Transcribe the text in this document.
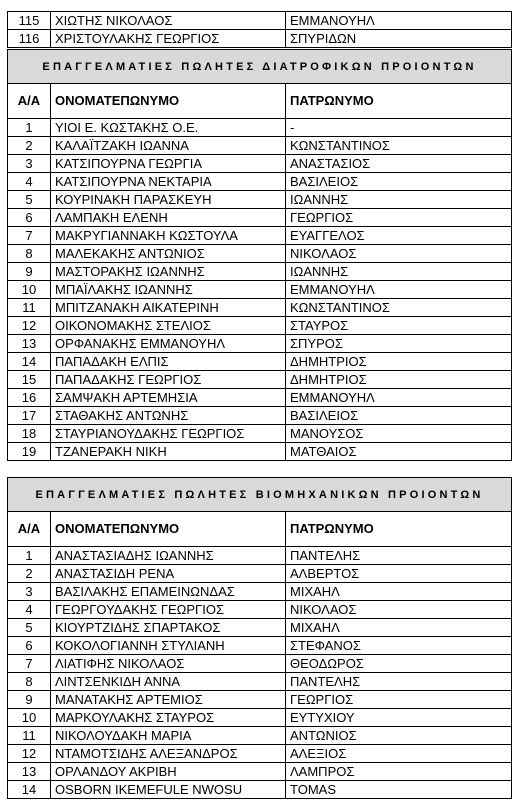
115	ΧΙΩΤΗΣ ΝΙΚΟΛΑΟΣ	ΕΜΜΑΝΟΥΗΛ
116	ΧΡΙΣΤΟΥΛΑΚΗΣ ΓΕΩΡΓΙΟΣ	ΣΠΥΡΙΔΩΝ
ΕΠΑΓΓΕΛΜΑΤΙΕΣ ΠΩΛΗΤΕΣ ΔΙΑΤΡΟΦΙΚΩΝ ΠΡΟΙΟΝΤΩΝ		
Α/Α	ΟΝΟΜΑΤΕΠΩΝΥΜΟ	ΠΑΤΡΩΝΥΜΟ
1	ΥΙΟΙ Ε. ΚΩΣΤΑΚΗΣ Ο.Ε.	-
2	ΚΑΛΑΪΤΖΑΚΗ ΙΩΑΝΝΑ	ΚΩΝΣΤΑΝΤΙΝΟΣ
3	ΚΑΤΣΙΠΟΥΡΝΑ ΓΕΩΡΓΙΑ	ΑΝΑΣΤΑΣΙΟΣ
4	ΚΑΤΣΙΠΟΥΡΝΑ ΝΕΚΤΑΡΙΑ	ΒΑΣΙΛΕΙΟΣ
5	ΚΟΥΡΙΝΑΚΗ ΠΑΡΑΣΚΕΥΗ	ΙΩΑΝΝΗΣ
6	ΛΑΜΠΑΚΗ ΕΛΕΝΗ	ΓΕΩΡΓΙΟΣ
7	ΜΑΚΡΥΓΙΑΝΝΑΚΗ ΚΩΣΤΟΥΛΑ	ΕΥΑΓΓΕΛΟΣ
8	ΜΑΛΕΚΑΚΗΣ ΑΝΤΩΝΙΟΣ	ΝΙΚΟΛΑΟΣ
9	ΜΑΣΤΟΡΑΚΗΣ ΙΩΑΝΝΗΣ	ΙΩΑΝΝΗΣ
10	ΜΠΑΪΛΑΚΗΣ ΙΩΑΝΝΗΣ	ΕΜΜΑΝΟΥΗΛ
11	ΜΠΙΤΖΑΝΑΚΗ ΑΙΚΑΤΕΡΙΝΗ	ΚΩΝΣΤΑΝΤΙΝΟΣ
12	ΟΙΚΟΝΟΜΑΚΗΣ ΣΤΕΛΙΟΣ	ΣΤΑΥΡΟΣ
13	ΟΡΦΑΝΑΚΗΣ ΕΜΜΑΝΟΥΗΛ	ΣΠΥΡΟΣ
14	ΠΑΠΑΔΑΚΗ ΕΛΠΙΣ	ΔΗΜΗΤΡΙΟΣ
15	ΠΑΠΑΔΑΚΗΣ ΓΕΩΡΓΙΟΣ	ΔΗΜΗΤΡΙΟΣ
16	ΣΑΜΨΑΚΗ ΑΡΤΕΜΗΣΙΑ	ΕΜΜΑΝΟΥΗΛ
17	ΣΤΑΘΑΚΗΣ ΑΝΤΩΝΗΣ	ΒΑΣΙΛΕΙΟΣ
18	ΣΤΑΥΡΙΑΝΟΥΔΑΚΗΣ ΓΕΩΡΓΙΟΣ	ΜΑΝΟΥΣΟΣ
19	ΤΖΑΝΕΡΑΚΗ ΝΙΚΗ	ΜΑΤΘΑΙΟΣ
ΕΠΑΓΓΕΛΜΑΤΙΕΣ ΠΩΛΗΤΕΣ ΒΙΟΜΗΧΑΝΙΚΩΝ ΠΡΟΙΟΝΤΩΝ		
Α/Α	ΟΝΟΜΑΤΕΠΩΝΥΜΟ	ΠΑΤΡΩΝΥΜΟ
1	ΑΝΑΣΤΑΣΙΑΔΗΣ ΙΩΑΝΝΗΣ	ΠΑΝΤΕΛΗΣ
2	ΑΝΑΣΤΑΣΙΔΗ ΡΕΝΑ	ΑΛΒΕΡΤΟΣ
3	ΒΑΣΙΛΑΚΗΣ ΕΠΑΜΕΙΝΩΝΔΑΣ	ΜΙΧΑΗΛ
4	ΓΕΩΡΓΟΥΔΑΚΗΣ ΓΕΩΡΓΙΟΣ	ΝΙΚΟΛΑΟΣ
5	ΚΙΟΥΡΤΖΙΔΗΣ ΣΠΑΡΤΑΚΟΣ	ΜΙΧΑΗΛ
6	ΚΟΚΟΛΟΓΙΑΝΝΗ ΣΤΥΛΙΑΝΗ	ΣΤΕΦΑΝΟΣ
7	ΛΙΑΤΙΦΗΣ ΝΙΚΟΛΑΟΣ	ΘΕΟΔΩΡΟΣ
8	ΛΙΝΤΣΕΝΚΙΔΗ ΑΝΝΑ	ΠΑΝΤΕΛΗΣ
9	ΜΑΝΑΤΑΚΗΣ ΑΡΤΕΜΙΟΣ	ΓΕΩΡΓΙΟΣ
10	ΜΑΡΚΟΥΛΑΚΗΣ ΣΤΑΥΡΟΣ	ΕΥΤΥΧΙΟΥ
11	ΝΙΚΟΛΟΥΔΑΚΗ ΜΑΡΙΑ	ΑΝΤΩΝΙΟΣ
12	ΝΤΑΜΟΤΣΙΔΗΣ ΑΛΕΞΑΝΔΡΟΣ	ΑΛΕΞΙΟΣ
13	ΟΡΛΑΝΔΟΥ ΑΚΡΙΒΗ	ΛΑΜΠΡΟΣ
14	OSBORN IKEMEFULE NWOSU	TOMAS
